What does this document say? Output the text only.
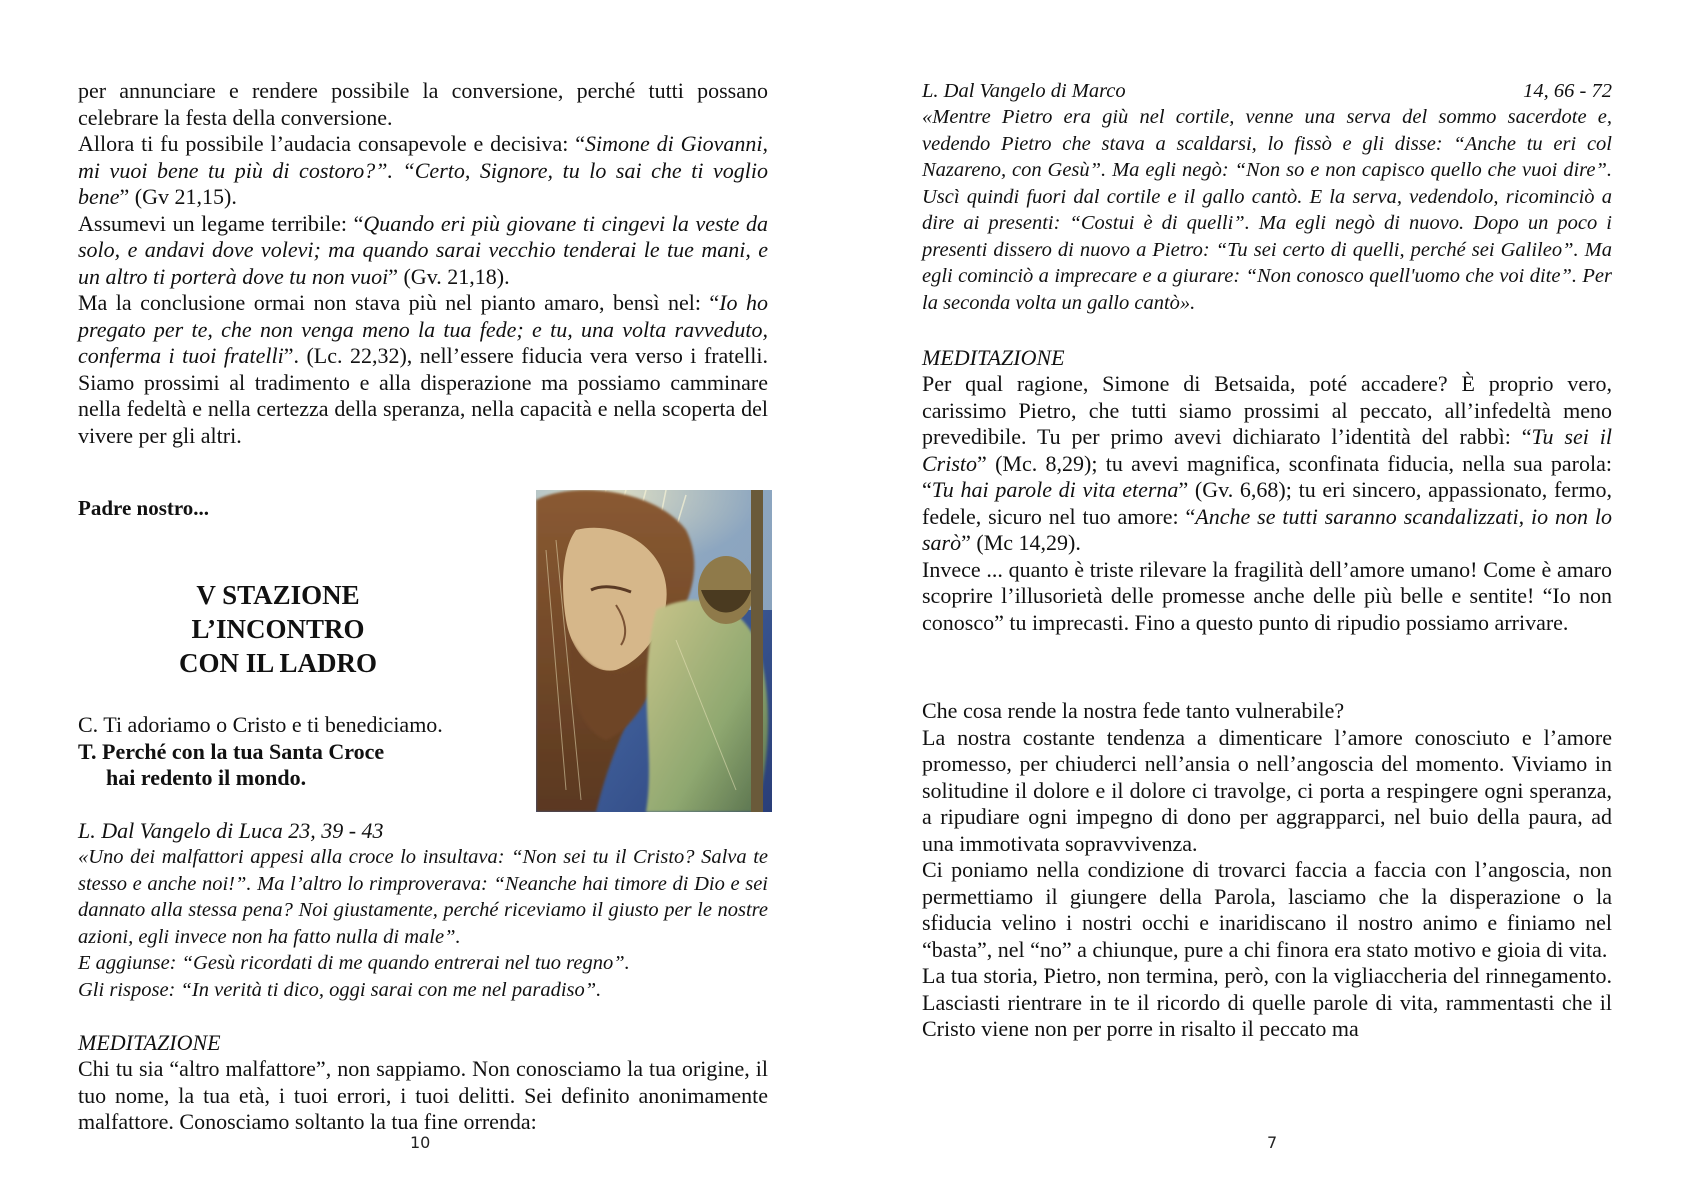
per annunciare e rendere possibile la conversione, perché tutti possano celebrare la festa della conversione.

Allora ti fu possibile l’audacia consapevole e decisiva: “Simone di Giovanni, mi vuoi bene tu più di costoro?”. “Certo, Signore, tu lo sai che ti voglio bene” (Gv 21,15).

Assumevi un legame terribile: “Quando eri più giovane ti cingevi la veste da solo, e andavi dove volevi; ma quando sarai vecchio tenderai le tue mani, e un altro ti porterà dove tu non vuoi” (Gv. 21,18).

Ma la conclusione ormai non stava più nel pianto amaro, bensì nel: “Io ho pregato per te, che non venga meno la tua fede; e tu, una volta ravveduto, conferma i tuoi fratelli”. (Lc. 22,32), nell’essere fiducia vera verso i fratelli. Siamo prossimi al tradimento e alla disperazione ma possiamo camminare nella fedeltà e nella certezza della speranza, nella capacità e nella scoperta del vivere per gli altri.

Padre nostro...

V STAZIONE
L’INCONTRO
CON IL LADRO
C. Ti adoriamo o Cristo e ti benediciamo.
T. Perché con la tua Santa Croce
hai redento il mondo.
L. Dal Vangelo di Luca 23, 39 - 43

«Uno dei malfattori appesi alla croce lo insultava: “Non sei tu il Cristo? Salva te stesso e anche noi!”. Ma l’altro lo rimproverava: “Neanche hai timore di Dio e sei dannato alla stessa pena? Noi giustamente, perché riceviamo il giusto per le nostre azioni, egli invece non ha fatto nulla di male”.

E aggiunse: “Gesù ricordati di me quando entrerai nel tuo regno”.

Gli rispose: “In verità ti dico, oggi sarai con me nel paradiso”.

MEDITAZIONE

Chi tu sia “altro malfattore”, non sappiamo. Non conosciamo la tua origine, il tuo nome, la tua età, i tuoi errori, i tuoi delitti. Sei definito anonimamente malfattore. Conosciamo soltanto la tua fine orrenda:

10
L. Dal Vangelo di Marco	14, 66 - 72

«Mentre Pietro era giù nel cortile, venne una serva del sommo sacerdote e, vedendo Pietro che stava a scaldarsi, lo fissò e gli disse: “Anche tu eri col Nazareno, con Gesù”. Ma egli negò: “Non so e non capisco quello che vuoi dire”. Uscì quindi fuori dal cortile e il gallo cantò. E la serva, vedendolo, ricominciò a dire ai presenti: “Costui è di quelli”. Ma egli negò di nuovo. Dopo un poco i presenti dissero di nuovo a Pietro: “Tu sei certo di quelli, perché sei Galileo”. Ma egli cominciò a imprecare e a giurare: “Non conosco quell'uomo che voi dite”. Per la seconda volta un gallo cantò».

MEDITAZIONE

Per qual ragione, Simone di Betsaida, poté accadere? È proprio vero, carissimo Pietro, che tutti siamo prossimi al peccato, all’infedeltà meno prevedibile. Tu per primo avevi dichiarato l’identità del rabbì: “Tu sei il Cristo” (Mc. 8,29); tu avevi magnifica, sconfinata fiducia, nella sua parola: “Tu hai parole di vita eterna” (Gv. 6,68); tu eri sincero, appassionato, fermo, fedele, sicuro nel tuo amore: “Anche se tutti saranno scandalizzati, io non lo sarò” (Mc 14,29).

Invece ... quanto è triste rilevare la fragilità dell’amore umano! Come è amaro scoprire l’illusorietà delle promesse anche delle più belle e sentite! “Io non conosco” tu imprecasti. Fino a questo punto di ripudio possiamo arrivare.

Che cosa rende la nostra fede tanto vulnerabile?

La nostra costante tendenza a dimenticare l’amore conosciuto e l’amore promesso, per chiuderci nell’ansia o nell’angoscia del momento. Viviamo in solitudine il dolore e il dolore ci travolge, ci porta a respingere ogni speranza, a ripudiare ogni impegno di dono per aggrapparci, nel buio della paura, ad una immotivata sopravvivenza.

Ci poniamo nella condizione di trovarci faccia a faccia con l’angoscia, non permettiamo il giungere della Parola, lasciamo che la disperazione o la sfiducia velino i nostri occhi e inaridiscano il nostro animo e finiamo nel “basta”, nel “no” a chiunque, pure a chi finora era stato motivo e gioia di vita.

La tua storia, Pietro, non termina, però, con la vigliaccheria del rinnegamento. Lasciasti rientrare in te il ricordo di quelle parole di vita, rammentasti che il Cristo viene non per porre in risalto il peccato ma

7
